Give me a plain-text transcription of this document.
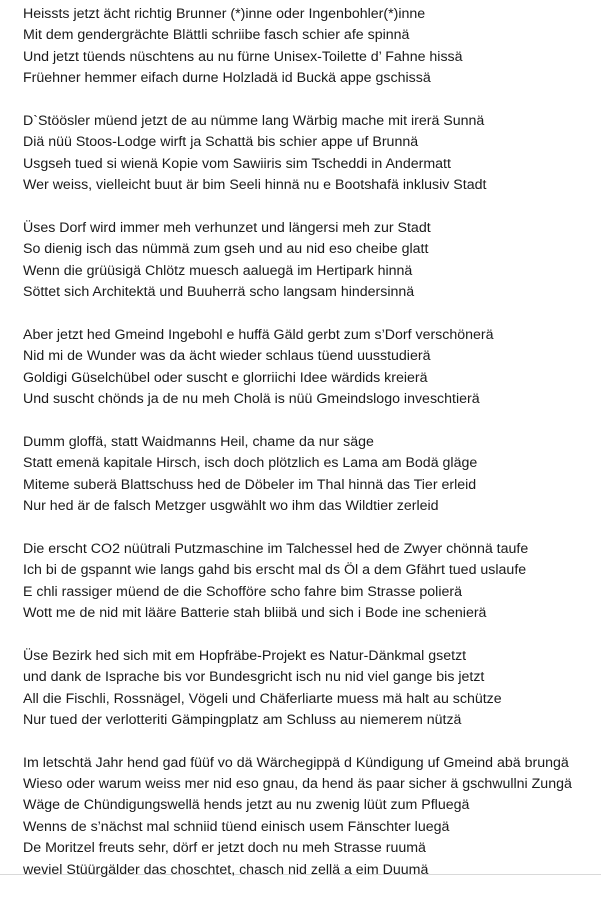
Heissts jetzt ächt richtig Brunner (*)inne oder Ingenbohler(*)inne
Mit dem gendergrächte Blättli schriibe fasch schier afe spinnä
Und jetzt tüends nüschtens au nu fürne Unisex-Toilette d’ Fahne hissä
Früehner hemmer eifach durne Holzladä id Buckä appe gschissä
D`Stöösler müend jetzt de au nümme lang Wärbig mache mit irerä Sunnä
Diä nüü Stoos-Lodge wirft ja Schattä bis schier appe uf Brunnä
Usgseh tued si wienä Kopie vom Sawiiris sim Tscheddi in Andermatt
Wer weiss, vielleicht buut är bim Seeli hinnä nu e Bootshafä inklusiv Stadt
Üses Dorf wird immer meh verhunzet und längersi meh zur Stadt
So dienig isch das nümmä zum gseh und au nid eso cheibe glatt
Wenn die grüüsigä Chlötz muesch aaluegä im Hertipark hinnä
Söttet sich Architektä und Buuherrä scho langsam hindersinnä
Aber jetzt hed Gmeind Ingebohl e huffä Gäld gerbt zum s’Dorf verschönerä
Nid mi de Wunder was da ächt wieder schlaus tüend uusstudierä
Goldigi Güselchübel oder suscht e glorriichi Idee wärdids kreierä
Und suscht chönds ja de nu meh Cholä is nüü Gmeindslogo inveschtierä
Dumm gloffä, statt Waidmanns Heil, chame da nur säge
Statt emenä kapitale Hirsch, isch doch plötzlich es Lama am Bodä gläge
Miteme suberä Blattschuss hed de Döbeler im Thal hinnä das Tier erleid
Nur hed är de falsch Metzger usgwählt wo ihm das Wildtier zerleid
Die erscht CO2 nüütrali Putzmaschine im Talchessel hed de Zwyer chönnä taufe
Ich bi de gspannt wie langs gahd bis erscht mal ds Öl a dem Gfährt tued uslaufe
E chli rassiger müend de die Schofföre scho fahre bim Strasse polierä
Wott me de nid mit lääre Batterie stah bliibä und sich i Bode ine schenierä
Üse Bezirk hed sich mit em Hopfräbe-Projekt es Natur-Dänkmal gsetzt
und dank de Isprache bis vor Bundesgricht isch nu nid viel gange bis jetzt
All die Fischli, Rossnägel, Vögeli und Chäferliarte muess mä halt au schütze
Nur tued der verlotteriti Gämpingplatz am Schluss au niemerem nützä
Im letschtä Jahr hend gad füüf vo dä Wärchegippä d Kündigung uf Gmeind abä brungä
Wieso oder warum weiss mer nid eso gnau, da hend äs paar sicher ä gschwullni Zungä
Wäge de Chündigungswellä hends jetzt au nu zwenig lüüt zum Pfluegä
Wenns de s’nächst mal schniid tüend einisch usem Fänschter luegä
De Moritzel freuts sehr, dörf er jetzt doch nu meh Strasse ruumä
weviel Stüürgälder das choschtet, chasch nid zellä a eim Duumä
